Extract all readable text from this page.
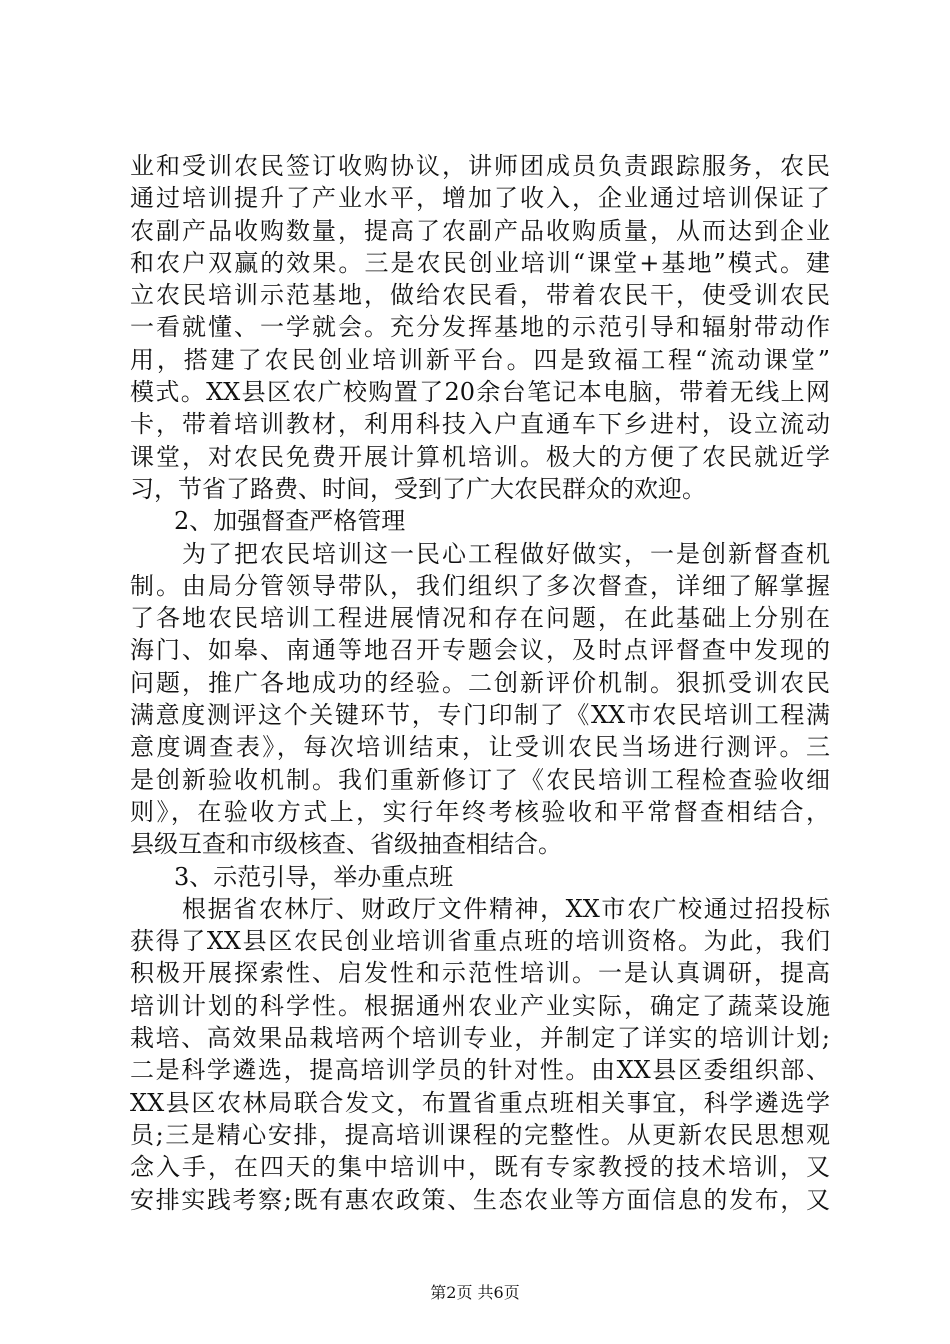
业和受训农民签订收购协议，讲师团成员负责跟踪服务，农民
通过培训提升了产业水平，增加了收入，企业通过培训保证了
农副产品收购数量，提高了农副产品收购质量，从而达到企业
和农户双赢的效果。三是农民创业培训“课堂+基地”模式。建
立农民培训示范基地，做给农民看，带着农民干，使受训农民
一看就懂、一学就会。充分发挥基地的示范引导和辐射带动作
用，搭建了农民创业培训新平台。四是致福工程“流动课堂”
模式。XX县区农广校购置了20余台笔记本电脑，带着无线上网
卡，带着培训教材，利用科技入户直通车下乡进村，设立流动
课堂，对农民免费开展计算机培训。极大的方便了农民就近学
习，节省了路费、时间，受到了广大农民群众的欢迎。
2、加强督查严格管理
为了把农民培训这一民心工程做好做实，一是创新督查机
制。由局分管领导带队，我们组织了多次督查，详细了解掌握
了各地农民培训工程进展情况和存在问题，在此基础上分别在
海门、如皋、南通等地召开专题会议，及时点评督查中发现的
问题，推广各地成功的经验。二创新评价机制。狠抓受训农民
满意度测评这个关键环节，专门印制了《XX市农民培训工程满
意度调查表》，每次培训结束，让受训农民当场进行测评。三
是创新验收机制。我们重新修订了《农民培训工程检查验收细
则》，在验收方式上，实行年终考核验收和平常督查相结合，
县级互查和市级核查、省级抽查相结合。
3、示范引导，举办重点班
根据省农林厅、财政厅文件精神，XX市农广校通过招投标
获得了XX县区农民创业培训省重点班的培训资格。为此，我们
积极开展探索性、启发性和示范性培训。一是认真调研，提高
培训计划的科学性。根据通州农业产业实际，确定了蔬菜设施
栽培、高效果品栽培两个培训专业，并制定了详实的培训计划;
二是科学遴选，提高培训学员的针对性。由XX县区委组织部、
XX县区农林局联合发文，布置省重点班相关事宜，科学遴选学
员;三是精心安排，提高培训课程的完整性。从更新农民思想观
念入手，在四天的集中培训中，既有专家教授的技术培训，又
安排实践考察;既有惠农政策、生态农业等方面信息的发布，又
第2页 共6页
